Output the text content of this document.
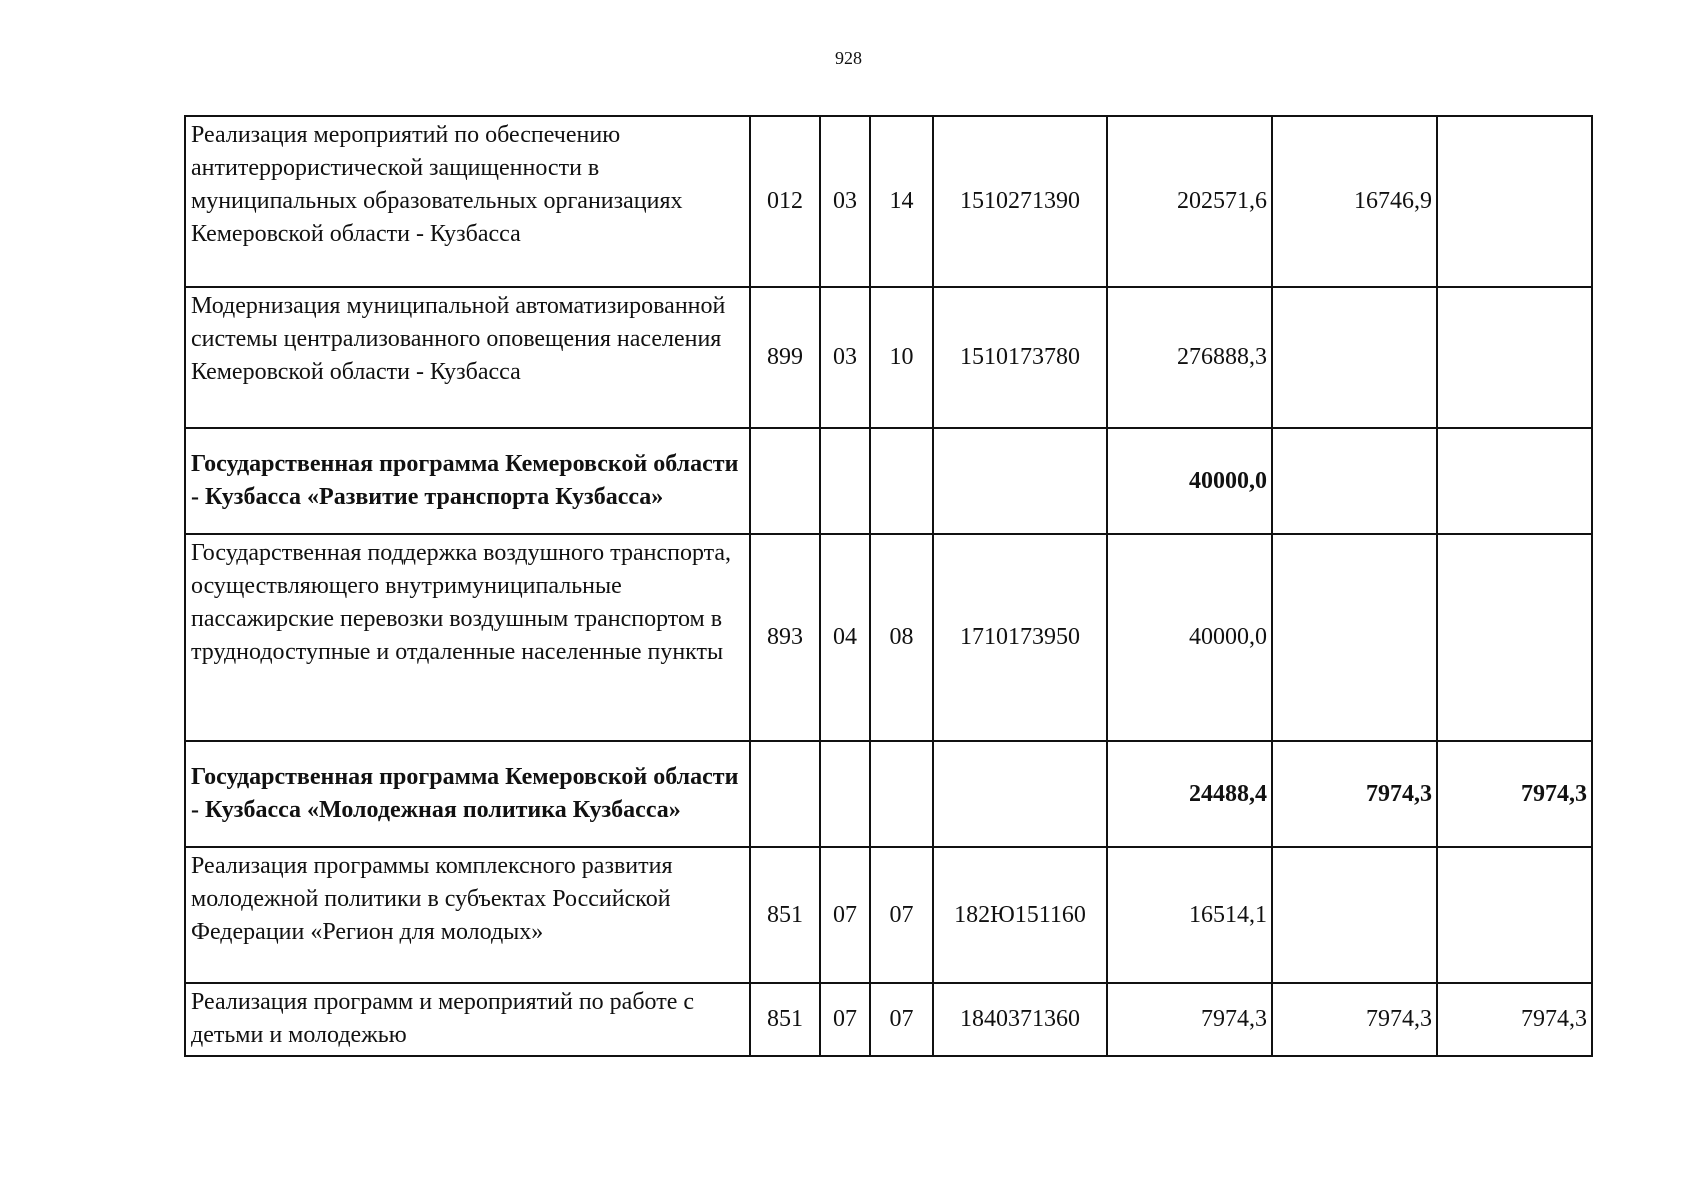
928
Реализация мероприятий по обеспечению антитеррористической защищенности в муниципальных образовательных организациях Кемеровской области - Кузбасса	012	03	14	1510271390	202571,6	16746,9	
Модернизация муниципальной автоматизированной системы централизованного оповещения населения Кемеровской области - Кузбасса	899	03	10	1510173780	276888,3		
Государственная программа Кемеровской области - Кузбасса «Развитие транспорта Кузбасса»					40000,0		
Государственная поддержка воздушного транспорта, осуществляющего внутримуниципальные пассажирские перевозки воздушным транспортом в труднодоступные и отдаленные населенные пункты	893	04	08	1710173950	40000,0		
Государственная программа Кемеровской области - Кузбасса «Молодежная политика Кузбасса»					24488,4	7974,3	7974,3
Реализация программы комплексного развития молодежной политики в субъектах Российской Федерации «Регион для молодых»	851	07	07	182Ю151160	16514,1		
Реализация программ и мероприятий по работе с детьми и молодежью	851	07	07	1840371360	7974,3	7974,3	7974,3
